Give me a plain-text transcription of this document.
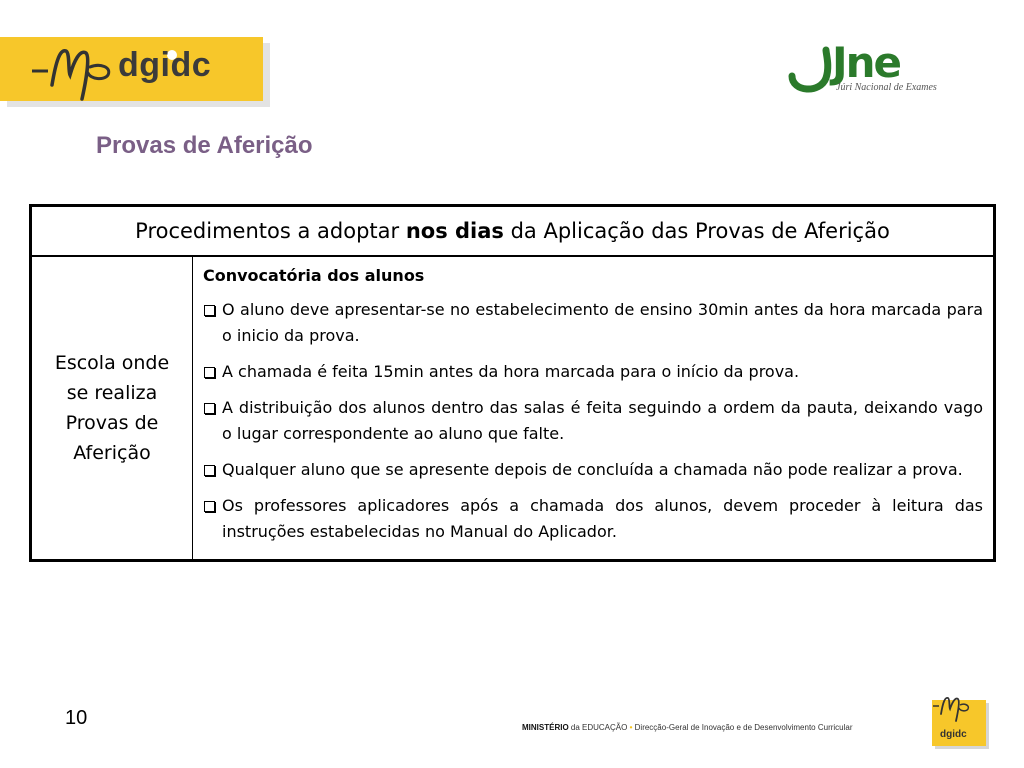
dgidc	Jne
Júri Nacional de Exames
Provas de Aferição
Procedimentos a adoptar nos dias da Aplicação das Provas de Aferição
Escola onde
se realiza
Provas de
Aferição
Convocatória dos alunos
O aluno deve apresentar-se no estabelecimento de ensino 30min antes da hora marcada para o inicio da prova.
A chamada é feita 15min antes da hora marcada para o início da prova.
A distribuição dos alunos dentro das salas é feita seguindo a ordem da pauta, deixando vago o lugar correspondente ao aluno que falte.
Qualquer aluno que se apresente depois de concluída a chamada não pode realizar a prova.
Os professores aplicadores após a chamada dos alunos, devem proceder à leitura das instruções estabelecidas no Manual do Aplicador.
10	MINISTÉRIO da EDUCAÇÃO • Direcção-Geral de Inovação e de Desenvolvimento Curricular
dgidc
